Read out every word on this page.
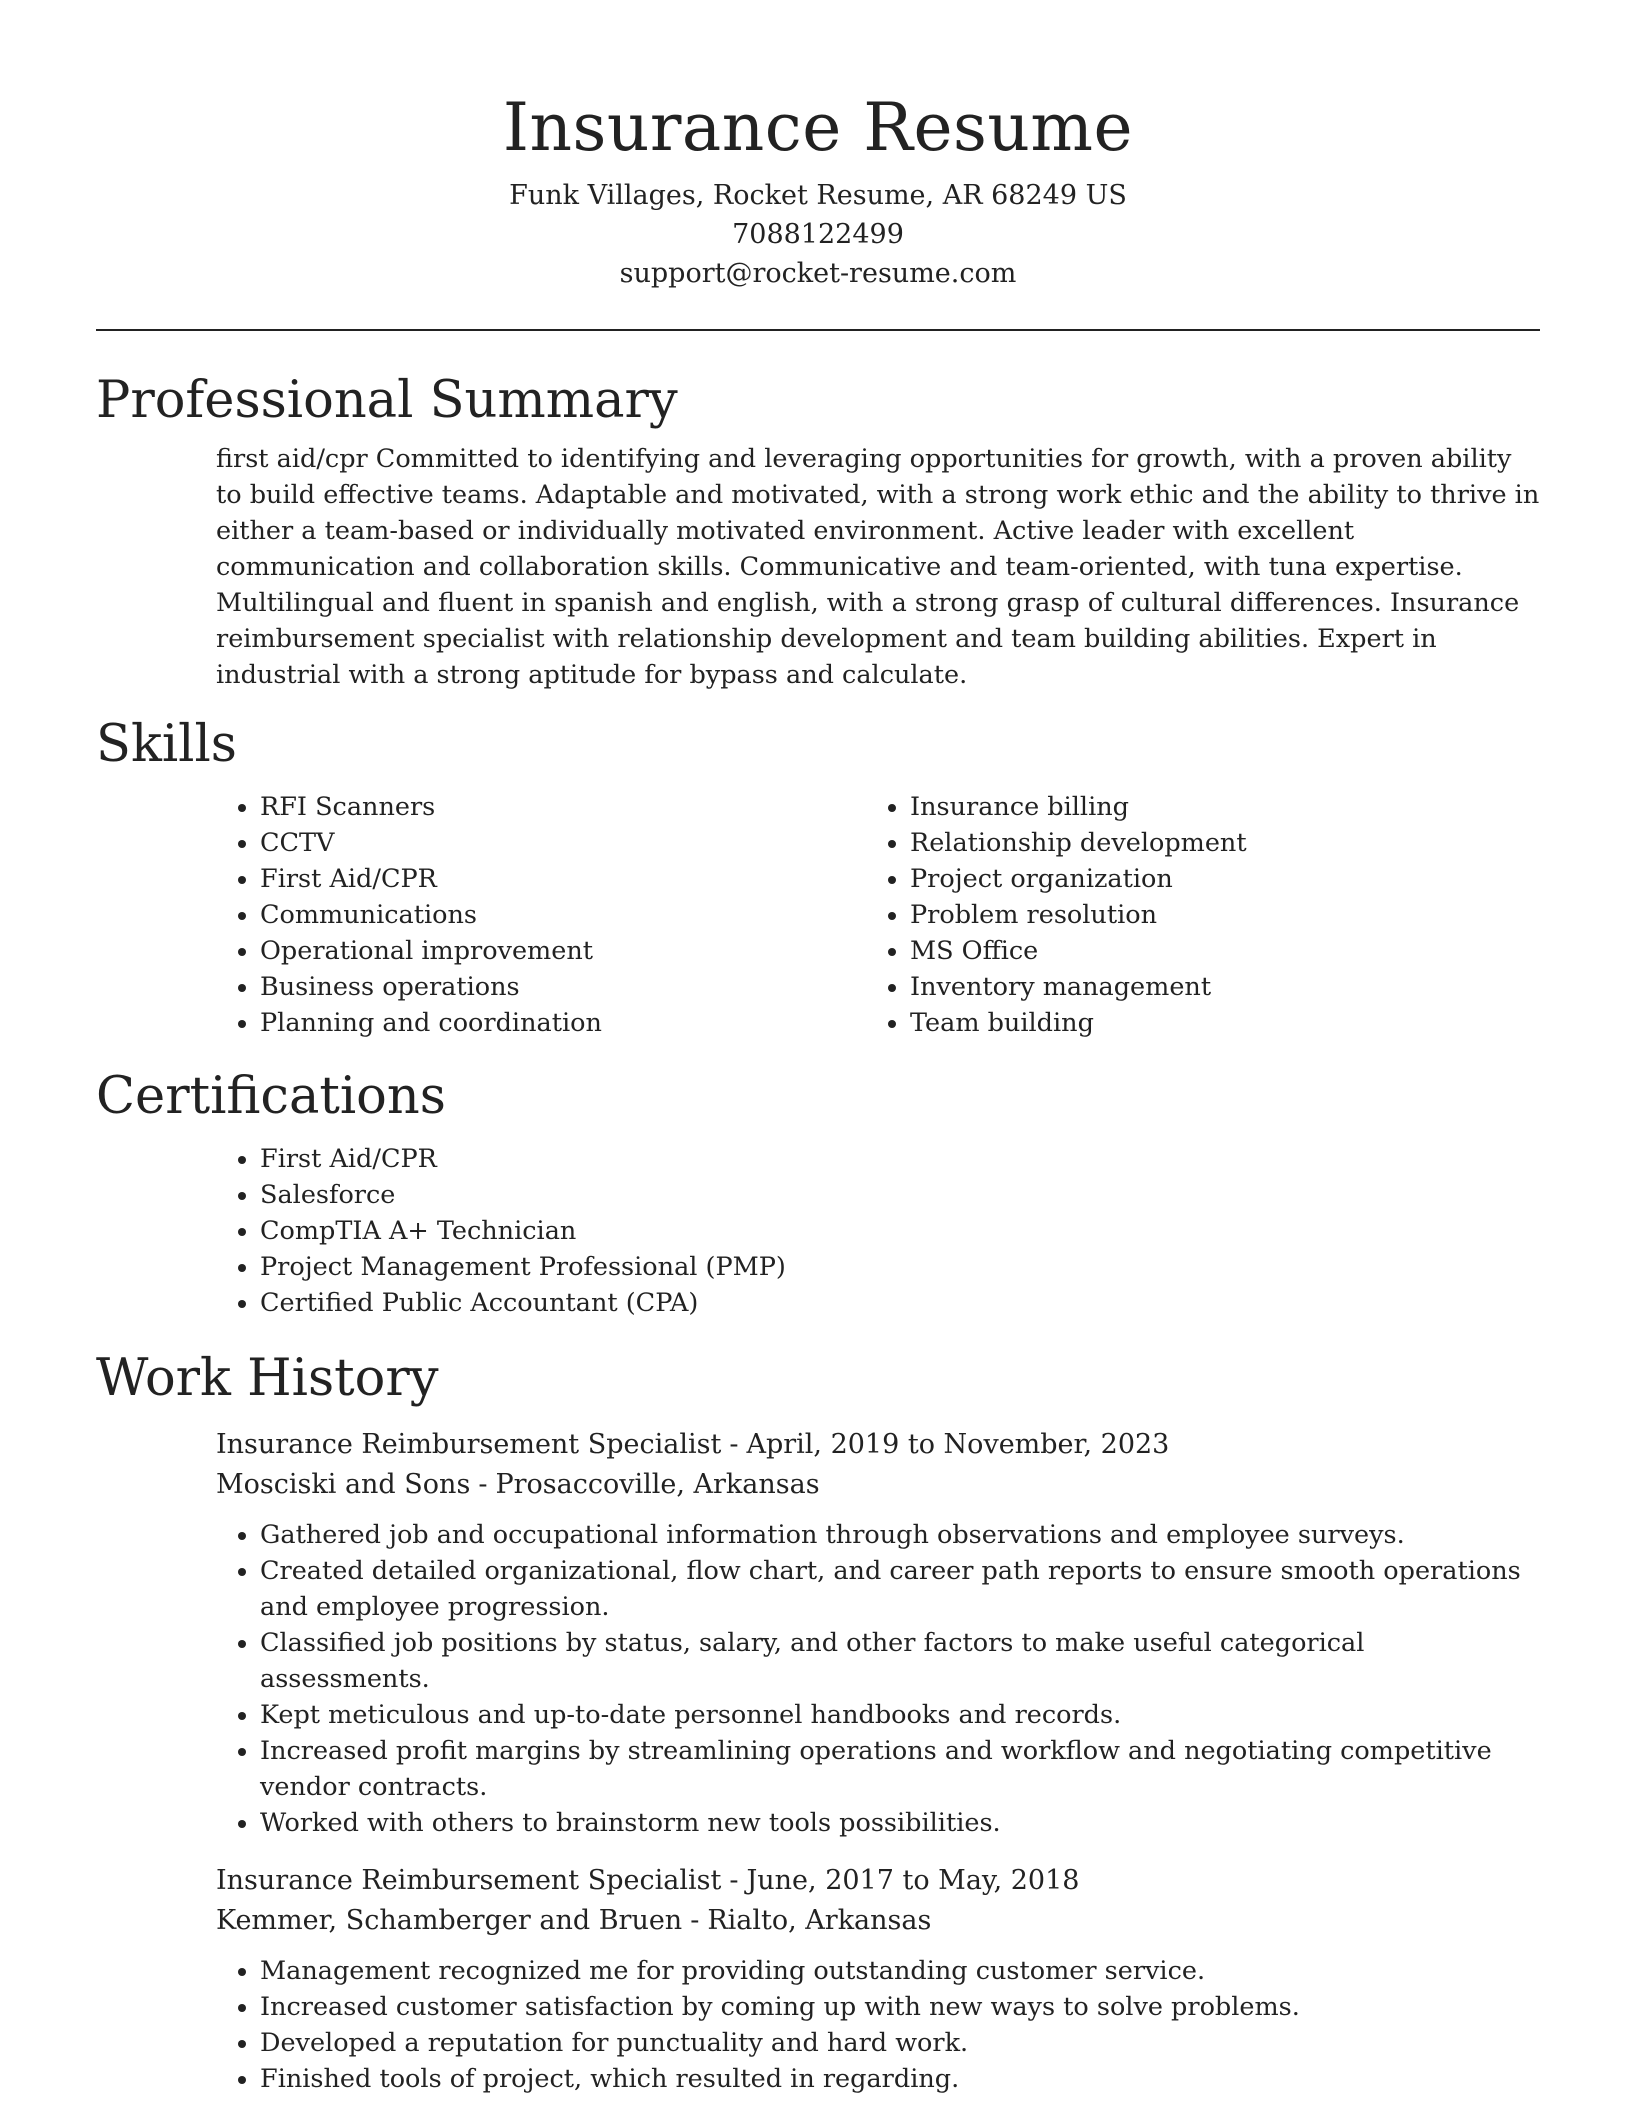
Insurance Resume
Funk Villages, Rocket Resume, AR 68249 US
7088122499
support@rocket-resume.com
Professional Summary

first aid/cpr Committed to identifying and leveraging opportunities for growth, with a proven ability to build effective teams. Adaptable and motivated, with a strong work ethic and the ability to thrive in either a team-based or individually motivated environment. Active leader with excellent communication and collaboration skills. Communicative and team-oriented, with tuna expertise. Multilingual and fluent in spanish and english, with a strong grasp of cultural differences. Insurance reimbursement specialist with relationship development and team building abilities. Expert in industrial with a strong aptitude for bypass and calculate.

Skills
• RFI Scanners
• CCTV
• First Aid/CPR
• Communications
• Operational improvement
• Business operations
• Planning and coordination
• Insurance billing
• Relationship development
• Project organization
• Problem resolution
• MS Office
• Inventory management
• Team building
Certifications
• First Aid/CPR
• Salesforce
• CompTIA A+ Technician
• Project Management Professional (PMP)
• Certified Public Accountant (CPA)
Work History
Insurance Reimbursement Specialist - April, 2019 to November, 2023
Mosciski and Sons - Prosaccoville, Arkansas
• Gathered job and occupational information through observations and employee surveys.
• Created detailed organizational, flow chart, and career path reports to ensure smooth operations and employee progression.
• Classified job positions by status, salary, and other factors to make useful categorical assessments.
• Kept meticulous and up-to-date personnel handbooks and records.
• Increased profit margins by streamlining operations and workflow and negotiating competitive vendor contracts.
• Worked with others to brainstorm new tools possibilities.
Insurance Reimbursement Specialist - June, 2017 to May, 2018
Kemmer, Schamberger and Bruen - Rialto, Arkansas
• Management recognized me for providing outstanding customer service.
• Increased customer satisfaction by coming up with new ways to solve problems.
• Developed a reputation for punctuality and hard work.
• Finished tools of project, which resulted in regarding.
